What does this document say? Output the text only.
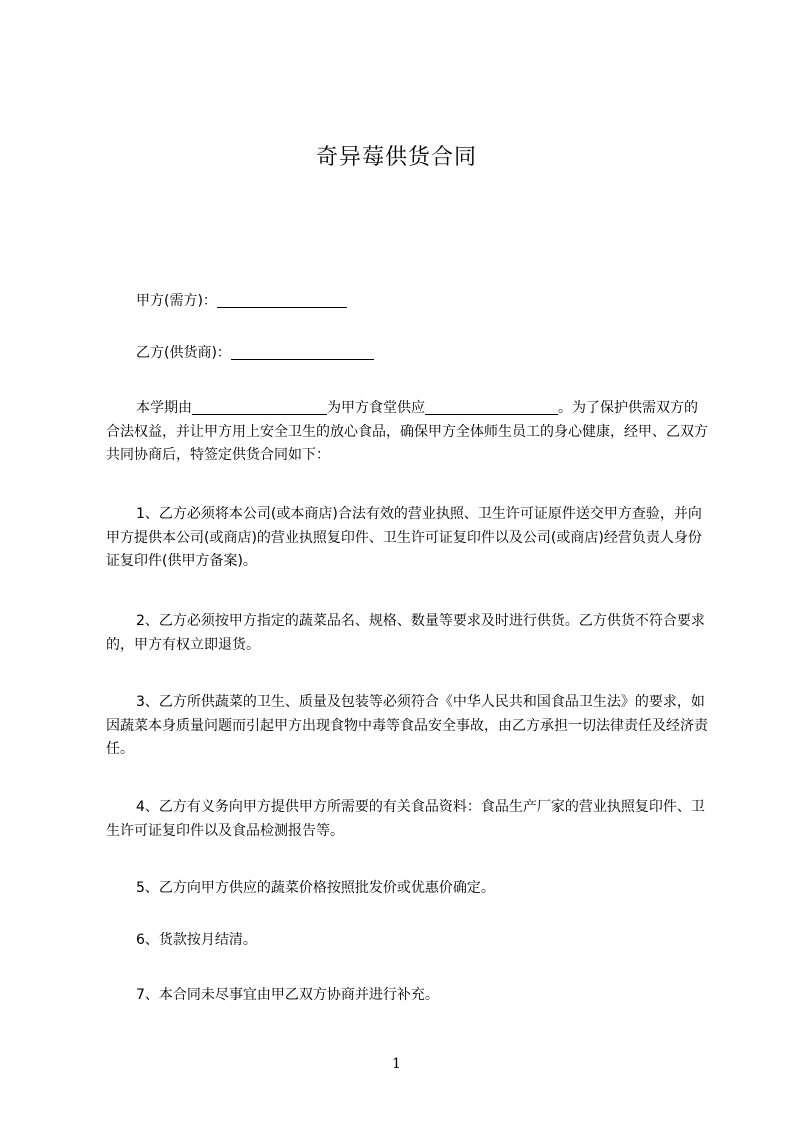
奇异莓供货合同

甲方(需方)：

乙方(供货商)：

本学期由	为甲方食堂供应	。为了保护供需双方的合法权益，并让甲方用上安全卫生的放心食品，确保甲方全体师生员工的身心健康，经甲、乙双方共同协商后，特签定供货合同如下：

1、乙方必须将本公司(或本商店)合法有效的营业执照、卫生许可证原件送交甲方查验，并向甲方提供本公司(或商店)的营业执照复印件、卫生许可证复印件以及公司(或商店)经营负责人身份证复印件(供甲方备案)。

2、乙方必须按甲方指定的蔬菜品名、规格、数量等要求及时进行供货。乙方供货不符合要求的，甲方有权立即退货。

3、乙方所供蔬菜的卫生、质量及包装等必须符合《中华人民共和国食品卫生法》的要求，如因蔬菜本身质量问题而引起甲方出现食物中毒等食品安全事故，由乙方承担一切法律责任及经济责任。

4、乙方有义务向甲方提供甲方所需要的有关食品资料：食品生产厂家的营业执照复印件、卫生许可证复印件以及食品检测报告等。

5、乙方向甲方供应的蔬菜价格按照批发价或优惠价确定。

6、货款按月结清。

7、本合同未尽事宜由甲乙双方协商并进行补充。

1
